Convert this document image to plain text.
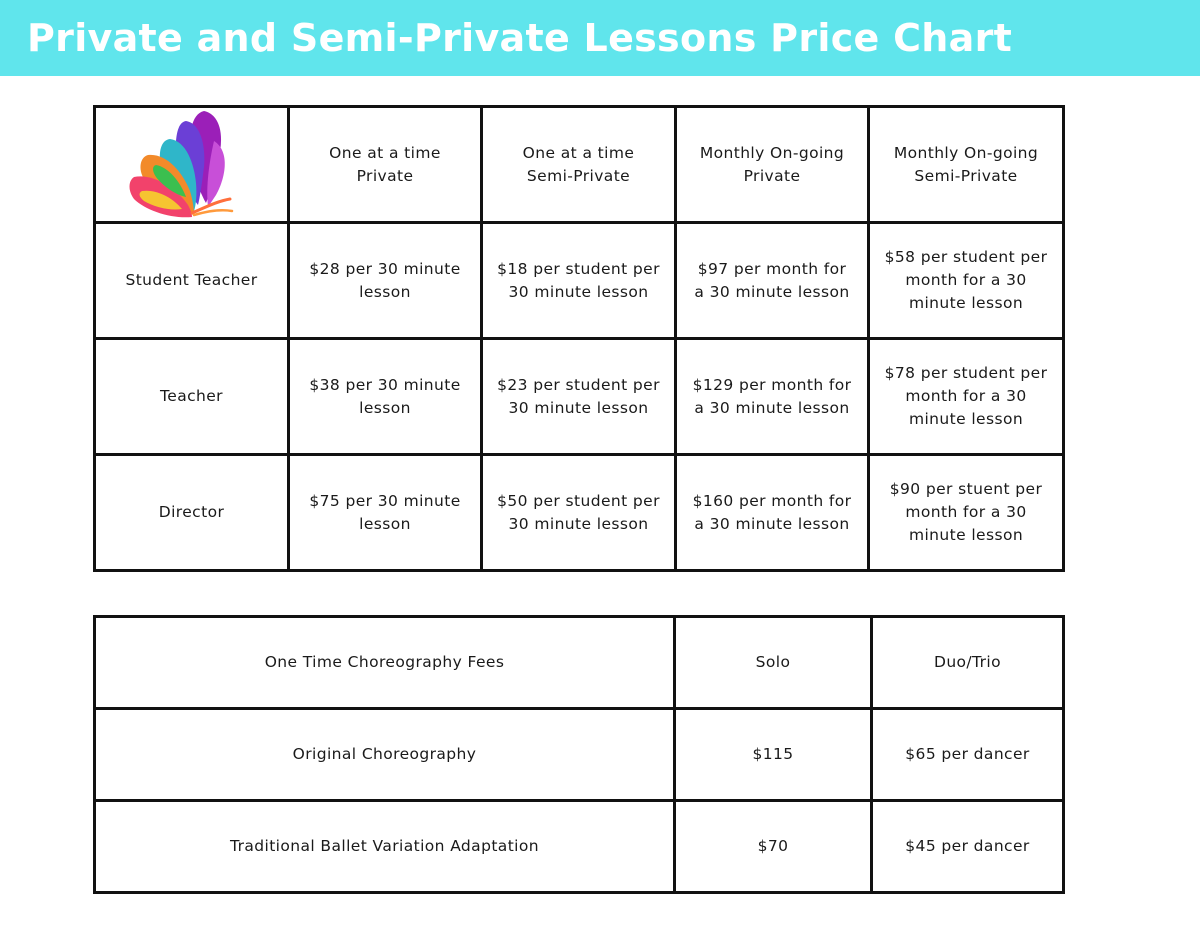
Private and Semi-Private Lessons Price Chart
	One at a time Private	One at a time Semi-Private	Monthly On-going Private	Monthly On-going Semi-Private
Student Teacher	$28 per 30 minute lesson	$18 per student per 30 minute lesson	$97 per month for a 30 minute lesson	$58 per student per month for a 30 minute lesson
Teacher	$38 per 30 minute lesson	$23 per student per 30 minute lesson	$129 per month for a 30 minute lesson	$78 per student per month for a 30 minute lesson
Director	$75 per 30 minute lesson	$50 per student per 30 minute lesson	$160 per month for a 30 minute lesson	$90 per stuent per month for a 30 minute lesson
One Time Choreography Fees	Solo	Duo/Trio
Original Choreography	$115	$65 per dancer
Traditional Ballet Variation Adaptation	$70	$45 per dancer
